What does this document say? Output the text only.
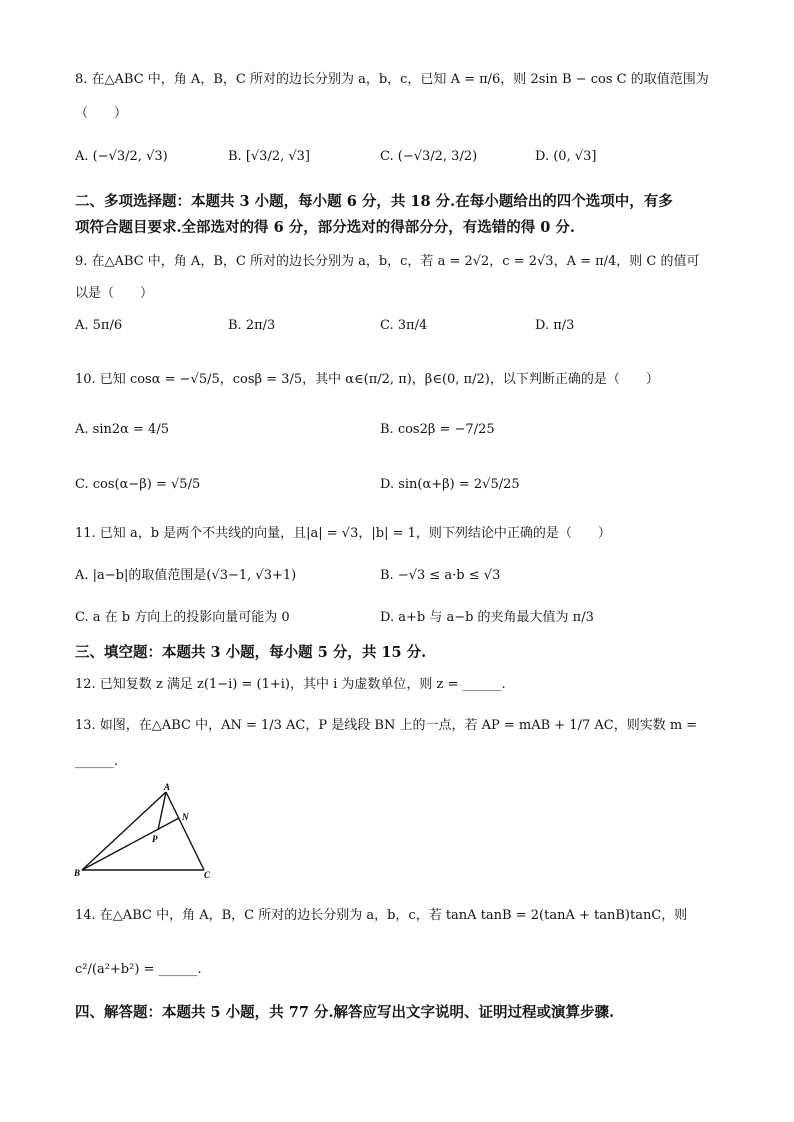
8. 在△ABC 中，角 A，B，C 所对的边长分别为 a，b，c，已知 A = π/6，则 2sin B − cos C 的取值范围为
（　　）
A. (−√3/2, √3)	B. [√3/2, √3]	C. (−√3/2, 3/2)	D. (0, √3]
二、多项选择题：本题共 3 小题，每小题 6 分，共 18 分.在每小题给出的四个选项中，有多
项符合题目要求.全部选对的得 6 分，部分选对的得部分分，有选错的得 0 分.
9. 在△ABC 中，角 A，B，C 所对的边长分别为 a，b，c，若 a = 2√2，c = 2√3，A = π/4，则 C 的值可
以是（　　）
A. 5π/6	B. 2π/3	C. 3π/4	D. π/3
10. 已知 cosα = −√5/5，cosβ = 3/5，其中 α∈(π/2, π)，β∈(0, π/2)，以下判断正确的是（　　）
A. sin2α = 4/5	B. cos2β = −7/25
C. cos(α−β) = √5/5	D. sin(α+β) = 2√5/25
11. 已知 a，b 是两个不共线的向量，且|a| = √3，|b| = 1，则下列结论中正确的是（　　）
A. |a−b|的取值范围是(√3−1, √3+1)	B. −√3 ≤ a·b ≤ √3
C. a 在 b 方向上的投影向量可能为 0	D. a+b 与 a−b 的夹角最大值为 π/3
三、填空题：本题共 3 小题，每小题 5 分，共 15 分.
12. 已知复数 z 满足 z(1−i) = (1+i)，其中 i 为虚数单位，则 z = ______.
13. 如图，在△ABC 中，AN = 1/3 AC，P 是线段 BN 上的一点，若 AP = mAB + 1/7 AC，则实数 m =
______.
A
B	C
N
P
14. 在△ABC 中，角 A，B，C 所对的边长分别为 a，b，c，若 tanA tanB = 2(tanA + tanB)tanC，则
c²/(a²+b²) = ______.
四、解答题：本题共 5 小题，共 77 分.解答应写出文字说明、证明过程或演算步骤.
